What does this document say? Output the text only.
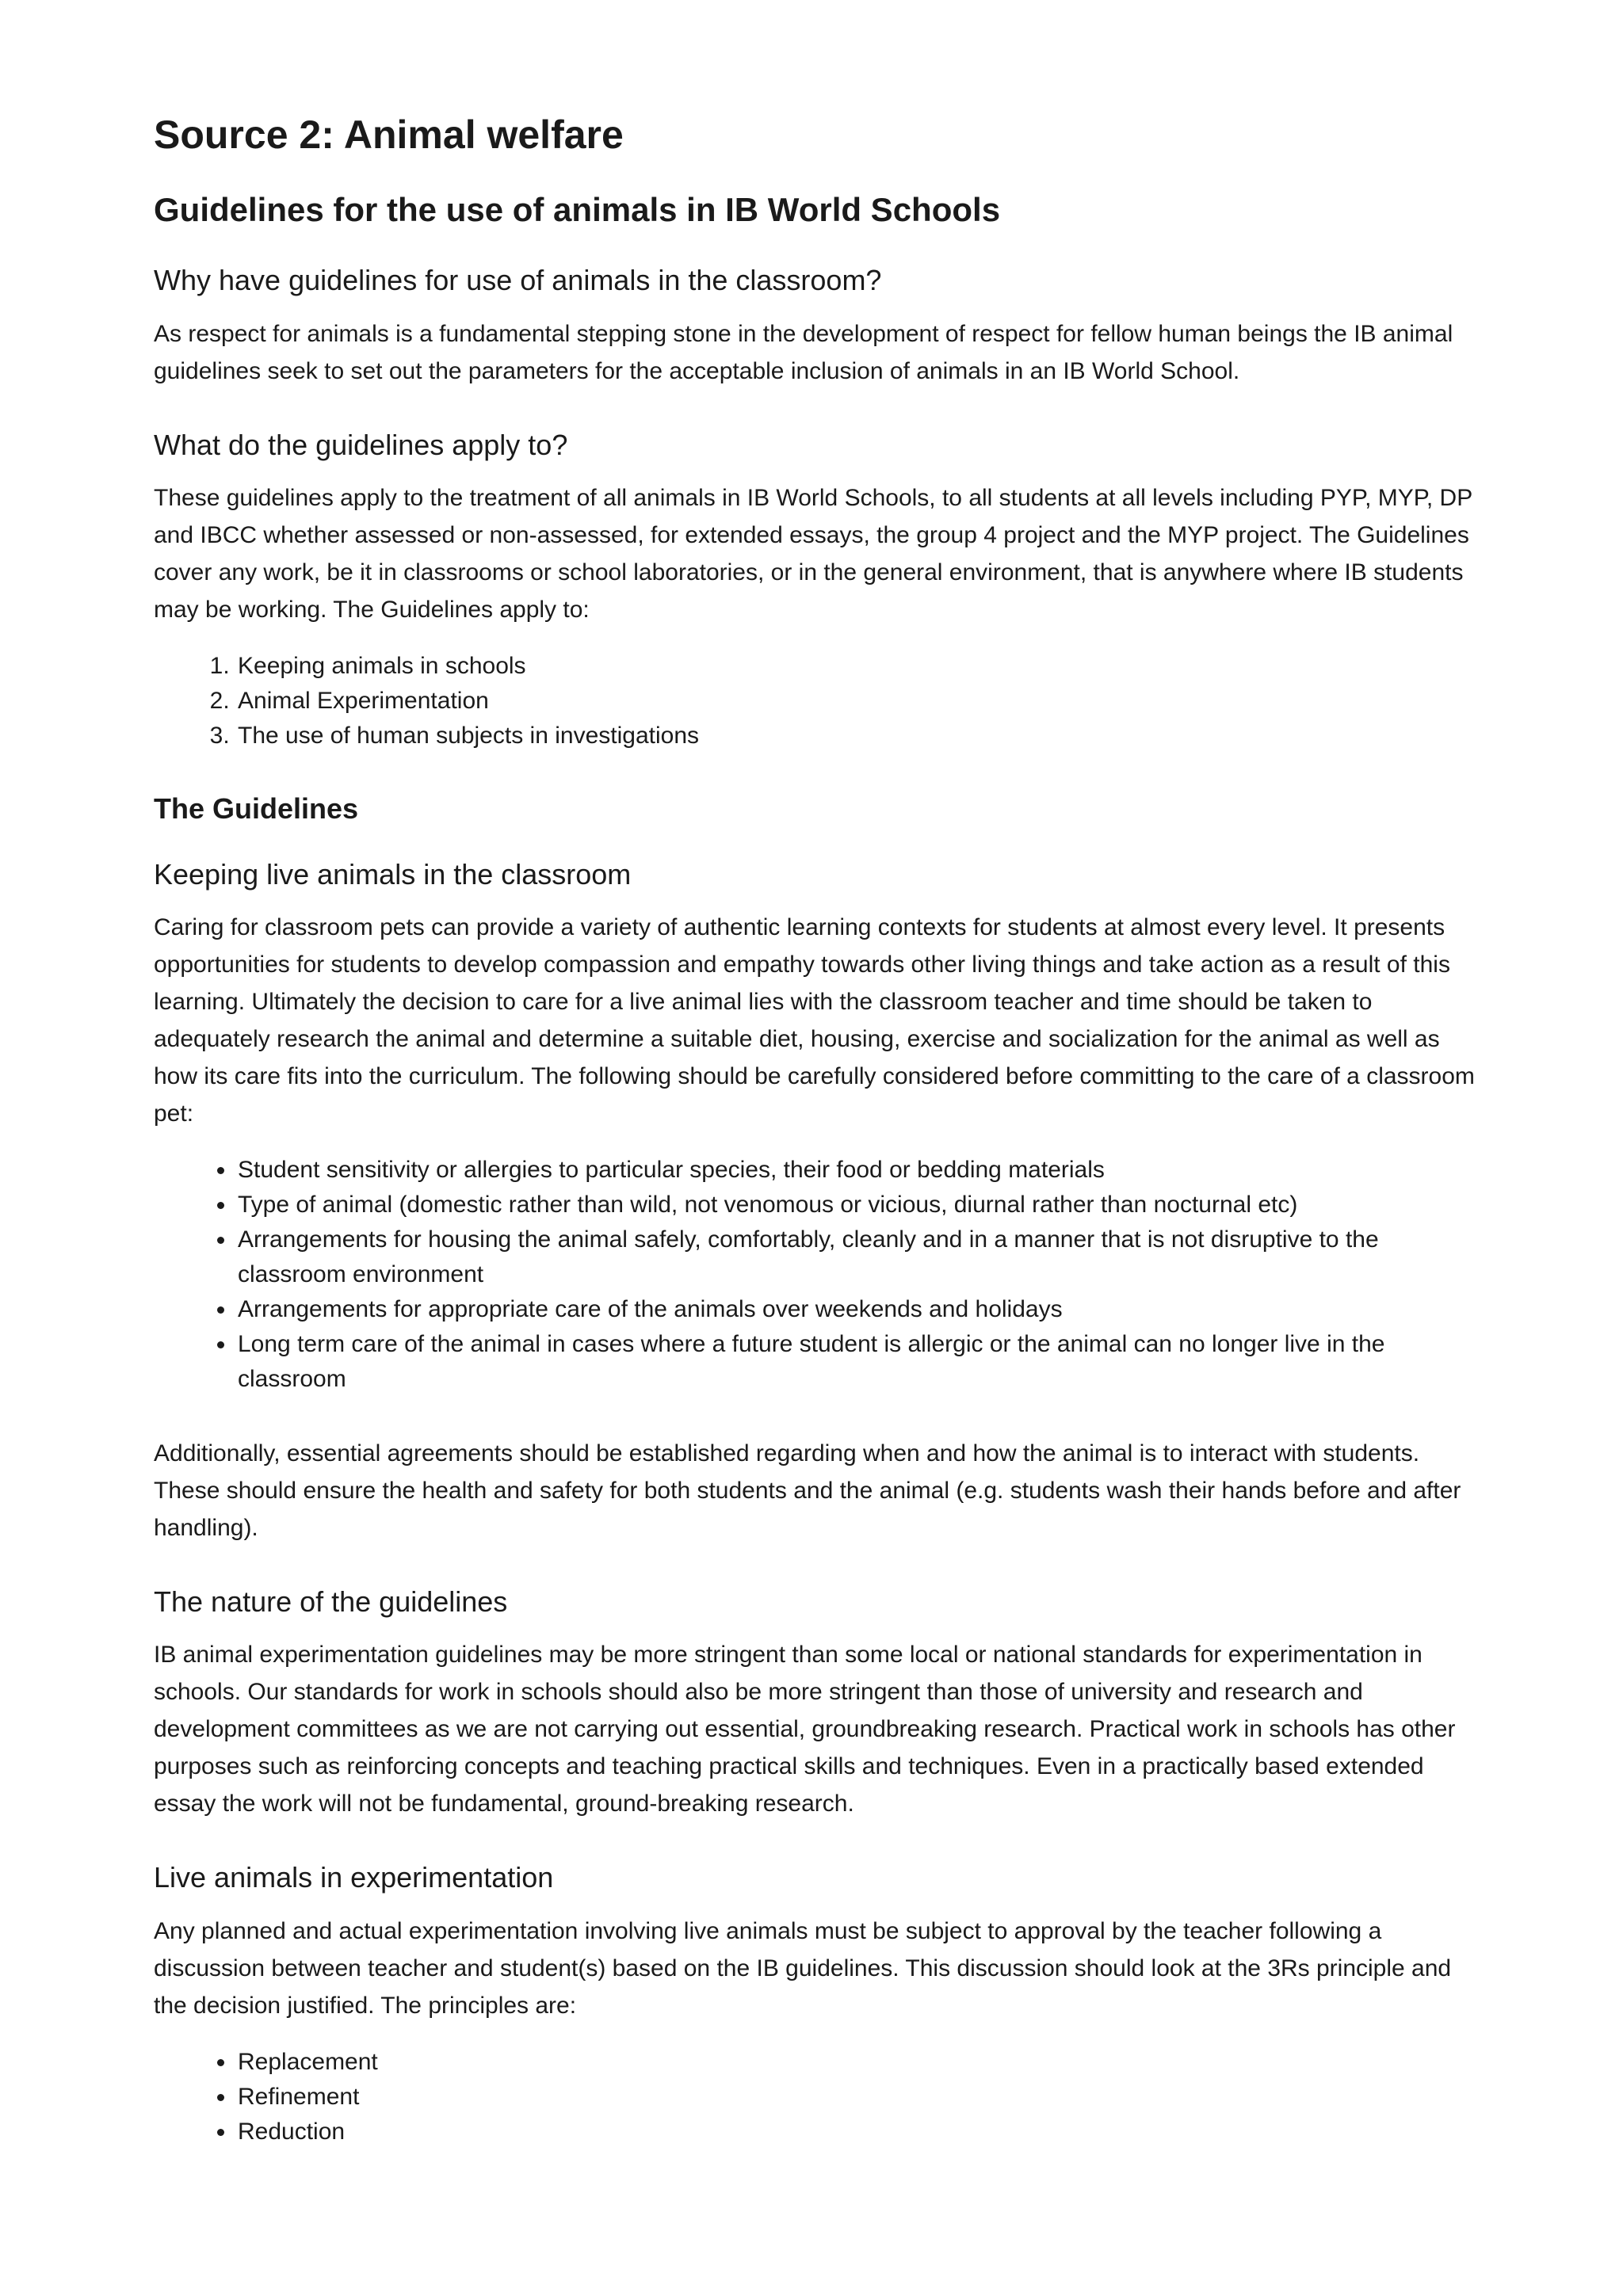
Source 2: Animal welfare
Guidelines for the use of animals in IB World Schools
Why have guidelines for use of animals in the classroom?

As respect for animals is a fundamental stepping stone in the development of respect for fellow human beings the IB animal guidelines seek to set out the parameters for the acceptable inclusion of animals in an IB World School.

What do the guidelines apply to?

These guidelines apply to the treatment of all animals in IB World Schools, to all students at all levels including PYP, MYP, DP and IBCC whether assessed or non-assessed, for extended essays, the group 4 project and the MYP project. The Guidelines cover any work, be it in classrooms or school laboratories, or in the general environment, that is anywhere where IB students may be working. The Guidelines apply to:

1. Keeping animals in schools
2. Animal Experimentation
3. The use of human subjects in investigations
The Guidelines
Keeping live animals in the classroom

Caring for classroom pets can provide a variety of authentic learning contexts for students at almost every level. It presents opportunities for students to develop compassion and empathy towards other living things and take action as a result of this learning. Ultimately the decision to care for a live animal lies with the classroom teacher and time should be taken to adequately research the animal and determine a suitable diet, housing, exercise and socialization for the animal as well as how its care fits into the curriculum. The following should be carefully considered before committing to the care of a classroom pet:

• Student sensitivity or allergies to particular species, their food or bedding materials
• Type of animal (domestic rather than wild, not venomous or vicious, diurnal rather than nocturnal etc)
• Arrangements for housing the animal safely, comfortably, cleanly and in a manner that is not disruptive to the classroom environment
• Arrangements for appropriate care of the animals over weekends and holidays
• Long term care of the animal in cases where a future student is allergic or the animal can no longer live in the classroom

Additionally, essential agreements should be established regarding when and how the animal is to interact with students. These should ensure the health and safety for both students and the animal (e.g. students wash their hands before and after handling).

The nature of the guidelines

IB animal experimentation guidelines may be more stringent than some local or national standards for experimentation in schools. Our standards for work in schools should also be more stringent than those of university and research and development committees as we are not carrying out essential, groundbreaking research. Practical work in schools has other purposes such as reinforcing concepts and teaching practical skills and techniques. Even in a practically based extended essay the work will not be fundamental, ground-breaking research.

Live animals in experimentation

Any planned and actual experimentation involving live animals must be subject to approval by the teacher following a discussion between teacher and student(s) based on the IB guidelines. This discussion should look at the 3Rs principle and the decision justified. The principles are:

• Replacement
• Refinement
• Reduction
